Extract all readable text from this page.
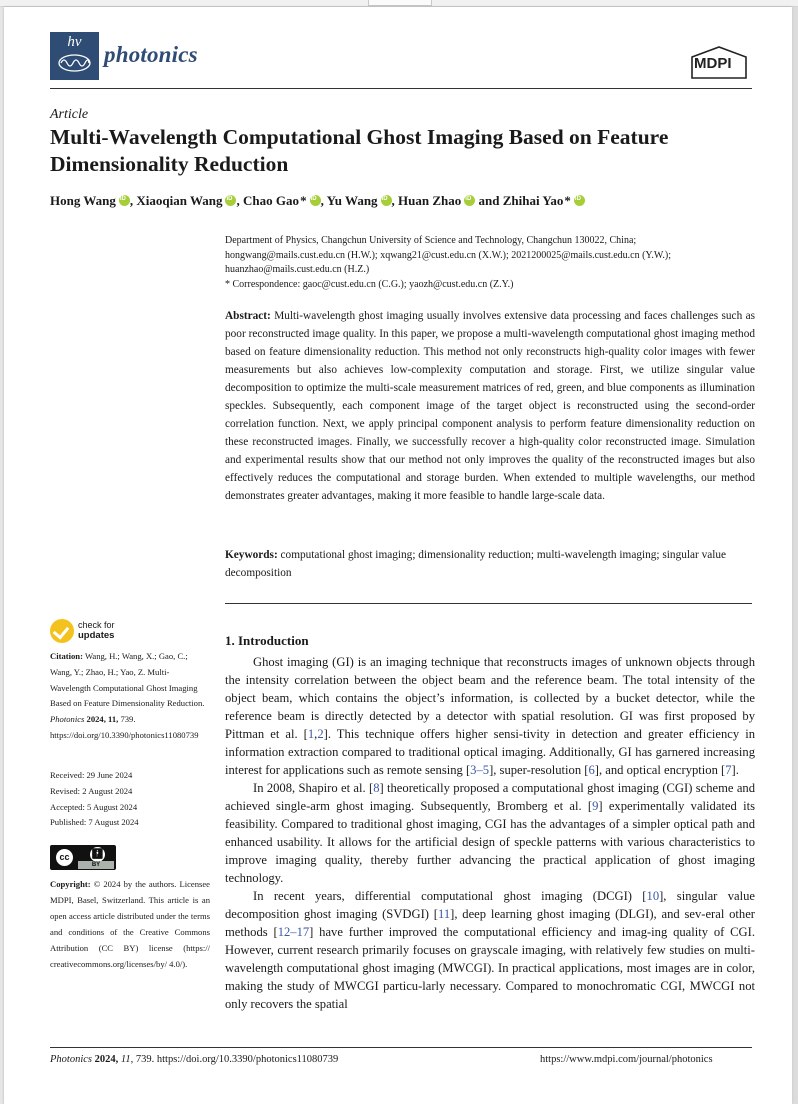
hv photonics	MDPI
Article
Multi-Wavelength Computational Ghost Imaging Based on Feature Dimensionality Reduction
Hong Wang iD , Xiaoqian Wang iD , Chao Gao * iD , Yu Wang iD , Huan ZhaoiD and Zhihai Yao *iD
Department of Physics, Changchun University of Science and Technology, Changchun 130022, China;
hongwang@mails.cust.edu.cn (H.W.); xqwang21@cust.edu.cn (X.W.); 2021200025@mails.cust.edu.cn (Y.W.);
huanzhao@mails.cust.edu.cn (H.Z.)
* Correspondence: gaoc@cust.edu.cn (C.G.); yaozh@cust.edu.cn (Z.Y.)
Abstract: Multi-wavelength ghost imaging usually involves extensive data processing and faces challenges such as poor reconstructed image quality. In this paper, we propose a multi-wavelength computational ghost imaging method based on feature dimensionality reduction. This method not only reconstructs high-quality color images with fewer measurements but also achieves low-complexity computation and storage. First, we utilize singular value decomposition to optimize the multi-scale measurement matrices of red, green, and blue components as illumination speckles. Subsequently, each component image of the target object is reconstructed using the second-order correlation function. Next, we apply principal component analysis to perform feature dimensionality reduction on these reconstructed images. Finally, we successfully recover a high-quality color reconstructed image. Simulation and experimental results show that our method not only improves the quality of the reconstructed images but also effectively reduces the computational and storage burden. When extended to multiple wavelengths, our method demonstrates greater advantages, making it more feasible to handle large-scale data.
Keywords: computational ghost imaging; dimensionality reduction; multi-wavelength imaging; singular value decomposition
check for
updates
Citation: Wang, H.; Wang, X.; Gao, C.; Wang, Y.; Zhao, H.; Yao, Z. Multi-Wavelength Computational Ghost Imaging Based on Feature Dimensionality Reduction. Photonics 2024, 11, 739. https://doi.org/10.3390/photonics11080739
Received: 29 June 2024
Revised: 2 August 2024
Accepted: 5 August 2024
Published: 7 August 2024
cc	🚹︎
BY
Copyright: © 2024 by the authors. Licensee MDPI, Basel, Switzerland. This article is an open access article distributed under the terms and conditions of the Creative Commons Attribution (CC BY) license (https:// creativecommons.org/licenses/by/ 4.0/).
1. Introduction

Ghost imaging (GI) is an imaging technique that reconstructs images of unknown objects through the intensity correlation between the object beam and the reference beam. The total intensity of the object beam, which contains the object’s information, is collected by a bucket detector, while the reference beam is directly detected by a detector with spatial resolution. GI was first proposed by Pittman et al. [1,2]. This technique offers higher sensi-tivity in detection and greater efficiency in information extraction compared to traditional optical imaging. Additionally, GI has garnered increasing interest for applications such as remote sensing [3–5], super-resolution [6], and optical encryption [7].

In 2008, Shapiro et al. [8] theoretically proposed a computational ghost imaging (CGI) scheme and achieved single-arm ghost imaging. Subsequently, Bromberg et al. [9] experimentally validated its feasibility. Compared to traditional ghost imaging, CGI has the advantages of a simpler optical path and enhanced usability. It allows for the artificial design of speckle patterns with various characteristics to improve imaging quality, thereby further advancing the practical application of ghost imaging technology.

In recent years, differential computational ghost imaging (DCGI) [10], singular value decomposition ghost imaging (SVDGI) [11], deep learning ghost imaging (DLGI), and sev-eral other methods [12–17] have further improved the computational efficiency and imag-ing quality of CGI. However, current research primarily focuses on grayscale imaging, with relatively few studies on multi-wavelength computational ghost imaging (MWCGI). In practical applications, most images are in color, making the study of MWCGI particu-larly necessary. Compared to monochromatic CGI, MWCGI not only recovers the spatial

Photonics 2024, 11, 739. https://doi.org/10.3390/photonics11080739	https://www.mdpi.com/journal/photonics
